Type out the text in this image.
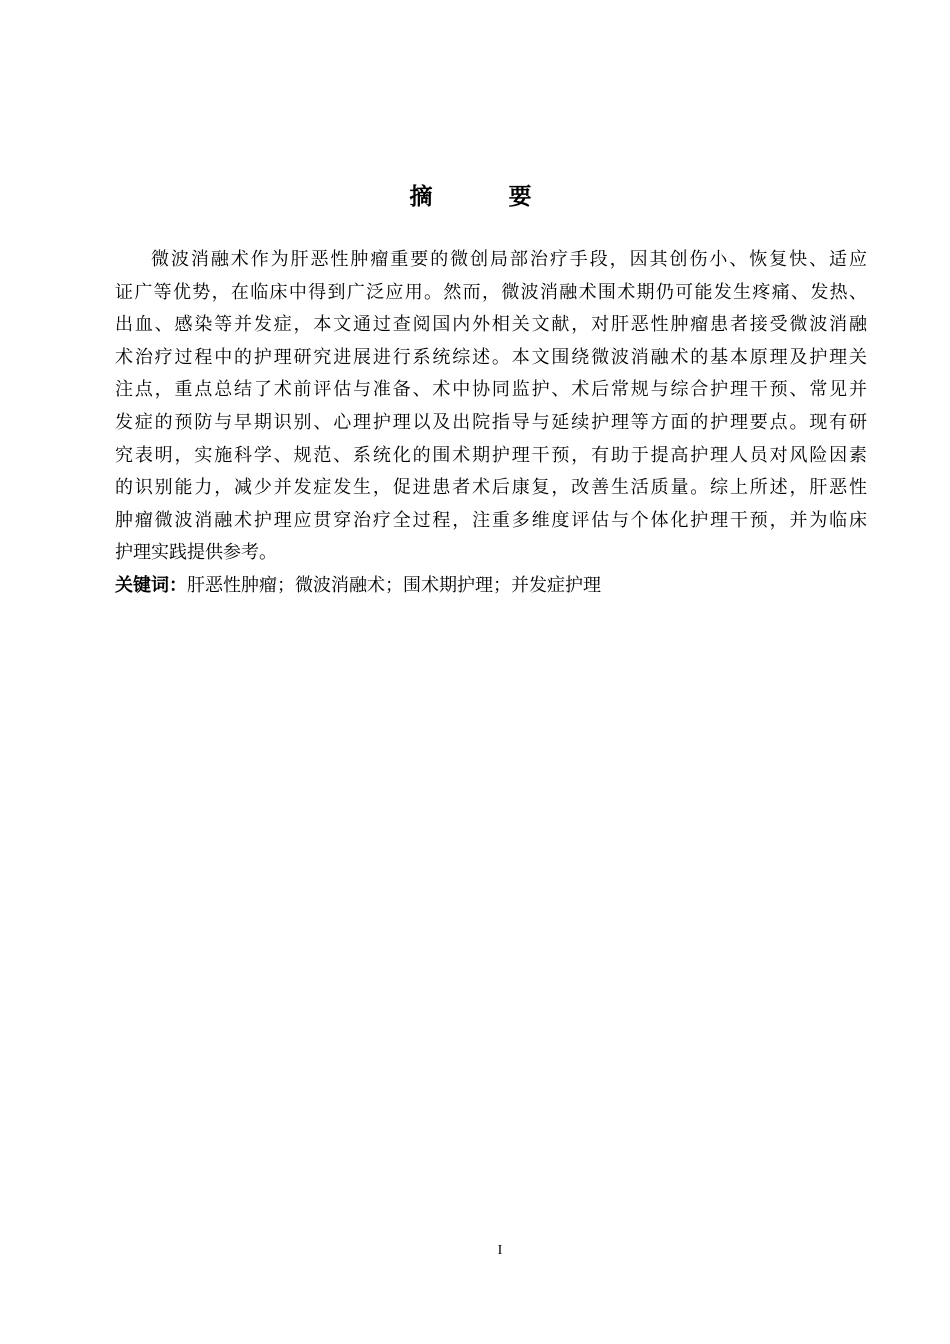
摘 要
微波消融术作为肝恶性肿瘤重要的微创局部治疗手段，因其创伤小、恢复快、适应
证广等优势，在临床中得到广泛应用。然而，微波消融术围术期仍可能发生疼痛、发热、
出血、感染等并发症，本文通过查阅国内外相关文献，对肝恶性肿瘤患者接受微波消融
术治疗过程中的护理研究进展进行系统综述。本文围绕微波消融术的基本原理及护理关
注点，重点总结了术前评估与准备、术中协同监护、术后常规与综合护理干预、常见并
发症的预防与早期识别、心理护理以及出院指导与延续护理等方面的护理要点。现有研
究表明，实施科学、规范、系统化的围术期护理干预，有助于提高护理人员对风险因素
的识别能力，减少并发症发生，促进患者术后康复，改善生活质量。综上所述，肝恶性
肿瘤微波消融术护理应贯穿治疗全过程，注重多维度评估与个体化护理干预，并为临床
护理实践提供参考。
关键词：肝恶性肿瘤；微波消融术；围术期护理；并发症护理
I
